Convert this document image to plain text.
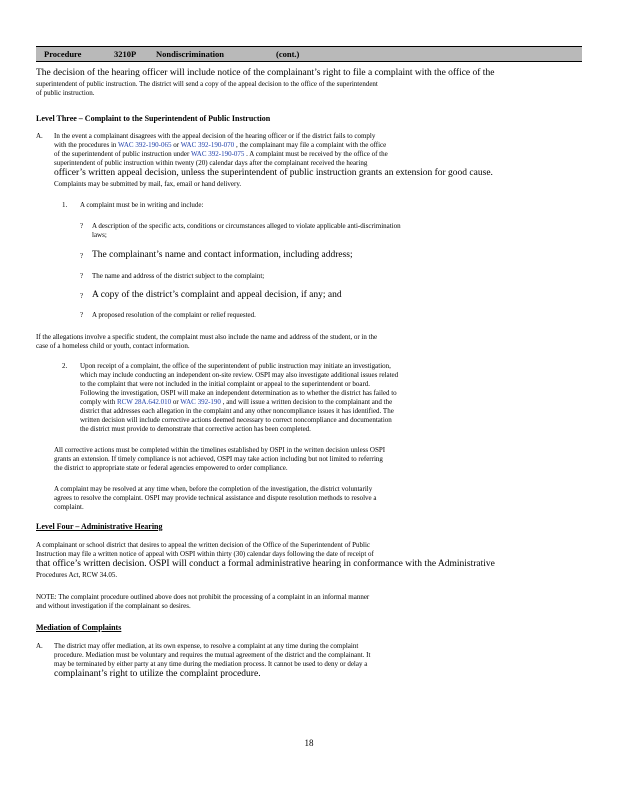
Procedure	3210P Nondiscrimination	(cont.)
The decision of the hearing officer will include notice of the complainant’s right to file a complaint with the office of the
superintendent of public instruction. The district will send a copy of the appeal decision to the office of the superintendent
of public instruction.
Level Three – Complaint to the Superintendent of Public Instruction
A. In the event a complainant disagrees with the appeal decision of the hearing officer or if the district fails to comply
with the procedures in WAC 392-190-065 or WAC 392-190-070 , the complainant may file a complaint with the office
of the superintendent of public instruction under WAC 392-190-075 . A complaint must be received by the office of the
superintendent of public instruction within twenty (20) calendar days after the complainant received the hearing
officer’s written appeal decision, unless the superintendent of public instruction grants an extension for good cause.
Complaints may be submitted by mail, fax, email or hand delivery.
1. A complaint must be in writing and include:
? A description of the specific acts, conditions or circumstances alleged to violate applicable anti-discrimination
laws;
? The complainant’s name and contact information, including address;
? The name and address of the district subject to the complaint;
? A copy of the district’s complaint and appeal decision, if any; and
? A proposed resolution of the complaint or relief requested.
If the allegations involve a specific student, the complaint must also include the name and address of the student, or in the
case of a homeless child or youth, contact information.
2. Upon receipt of a complaint, the office of the superintendent of public instruction may initiate an investigation,
which may include conducting an independent on-site review. OSPI may also investigate additional issues related
to the complaint that were not included in the initial complaint or appeal to the superintendent or board.
Following the investigation, OSPI will make an independent determination as to whether the district has failed to
comply with RCW 28A.642.010 or WAC 392-190 , and will issue a written decision to the complainant and the
district that addresses each allegation in the complaint and any other noncompliance issues it has identified. The
written decision will include corrective actions deemed necessary to correct noncompliance and documentation
the district must provide to demonstrate that corrective action has been completed.
All corrective actions must be completed within the timelines established by OSPI in the written decision unless OSPI
grants an extension. If timely compliance is not achieved, OSPI may take action including but not limited to referring
the district to appropriate state or federal agencies empowered to order compliance.
A complaint may be resolved at any time when, before the completion of the investigation, the district voluntarily
agrees to resolve the complaint. OSPI may provide technical assistance and dispute resolution methods to resolve a
complaint.
Level Four – Administrative Hearing
A complainant or school district that desires to appeal the written decision of the Office of the Superintendent of Public
Instruction may file a written notice of appeal with OSPI within thirty (30) calendar days following the date of receipt of
that office’s written decision. OSPI will conduct a formal administrative hearing in conformance with the Administrative
Procedures Act, RCW 34.05.
NOTE: The complaint procedure outlined above does not prohibit the processing of a complaint in an informal manner
and without investigation if the complainant so desires.
Mediation of Complaints
A. The district may offer mediation, at its own expense, to resolve a complaint at any time during the complaint
procedure. Mediation must be voluntary and requires the mutual agreement of the district and the complainant. It
may be terminated by either party at any time during the mediation process. It cannot be used to deny or delay a
complainant’s right to utilize the complaint procedure.
18
